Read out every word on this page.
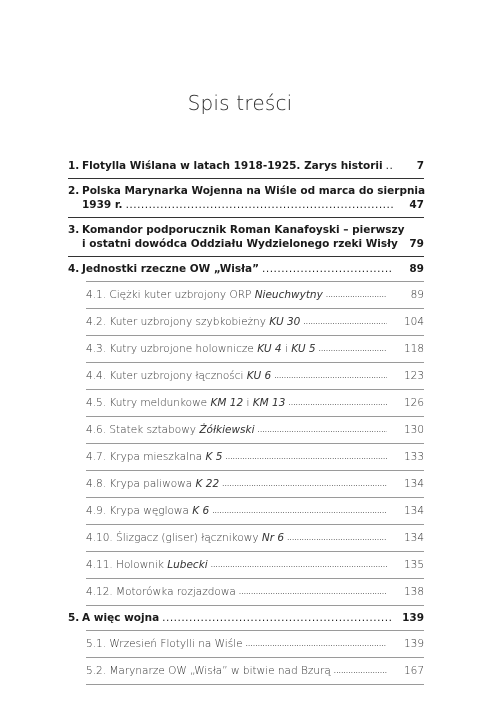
Spis treści
1. Flotylla Wiślana w latach 1918-1925. Zarys historii .....	7
2. Polska Marynarka Wojenna na Wiśle od marca do sierpnia
1939 r. .....	47
3. Komandor podporucznik Roman Kanafoyski – pierwszy
i ostatni dowódca Oddziału Wydzielonego rzeki Wisły	79
4. Jednostki rzeczne OW „Wisła” .....	89
4.1. Ciężki kuter uzbrojony ORP Nieuchwytny .....	89
4.2. Kuter uzbrojony szybkobieżny KU 30 .....	104
4.3. Kutry uzbrojone holownicze KU 4 i KU 5 .....	118
4.4. Kuter uzbrojony łączności KU 6 .....	123
4.5. Kutry meldunkowe KM 12 i KM 13 .....	126
4.6. Statek sztabowy Żółkiewski .....	130
4.7. Krypa mieszkalna K 5 .....	133
4.8. Krypa paliwowa K 22 .....	134
4.9. Krypa węglowa K 6 .....	134
4.10. Ślizgacz (gliser) łącznikowy Nr 6 .....	134
4.11. Holownik Lubecki .....	135
4.12. Motorówka rozjazdowa .....	138
5. A więc wojna .....	139
5.1. Wrzesień Flotylli na Wiśle .....	139
5.2. Marynarze OW „Wisła” w bitwie nad Bzurą .....	167
